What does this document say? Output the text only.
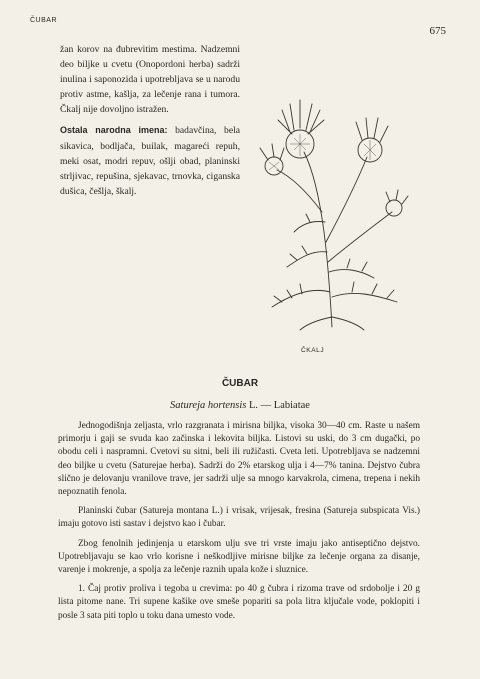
ČUBAR
675

žan korov na đubrevitim mestima. Nadzemni deo biljke u cvetu (Onopordoni herba) sadrži inulina i saponozida i upotrebljava se u narodu protiv astme, kašlja, za lečenje rana i tumora. Čkalj nije dovoljno istražen.

Ostala narodna imena: badavčina, bela sikavica, bodljača, builak, magareći repuh, meki osat, modri repuv, ošlji obad, planinski strljivac, repušina, sjekavac, trnovka, ciganska dušica, češlja, škalj.

ČKALJ
ČUBAR
Satureja hortensis L. — Labiatae

Jednogodišnja zeljasta, vrlo razgranata i mirisna biljka, visoka 30—40 cm. Raste u našem primorju i gaji se svuda kao začinska i lekovita biljka. Listovi su uski, do 3 cm dugački, po obodu celi i naspramni. Cvetovi su sitni, beli ili ružičasti. Cveta leti. Upotrebljava se nadzemni deo biljke u cvetu (Saturejae herba). Sadrži do 2% etarskog ulja i 4—7% tanina. Dejstvo čubra slično je delovanju vranilove trave, jer sadrži ulje sa mnogo karvakrola, cimena, trepena i nekih nepoznatih fenola.

Planinski čubar (Satureja montana L.) i vrisak, vrijesak, fresina (Satureja subspicata Vis.) imaju gotovo isti sastav i dejstvo kao i čubar.

Zbog fenolnih jedinjenja u etarskom ulju sve tri vrste imaju jako antiseptično dejstvo. Upotrebljavaju se kao vrlo korisne i neškodljive mirisne biljke za lečenje organa za disanje, varenje i mokrenje, a spolja za lečenje raznih upala kože i sluznice.

1. Čaj protiv proliva i tegoba u crevima: po 40 g čubra i rizoma trave od srdobolje i 20 g lista pitome nane. Tri supene kašike ove smeše popariti sa pola litra ključale vode, poklopiti i posle 3 sata piti toplo u toku dana umesto vode.
